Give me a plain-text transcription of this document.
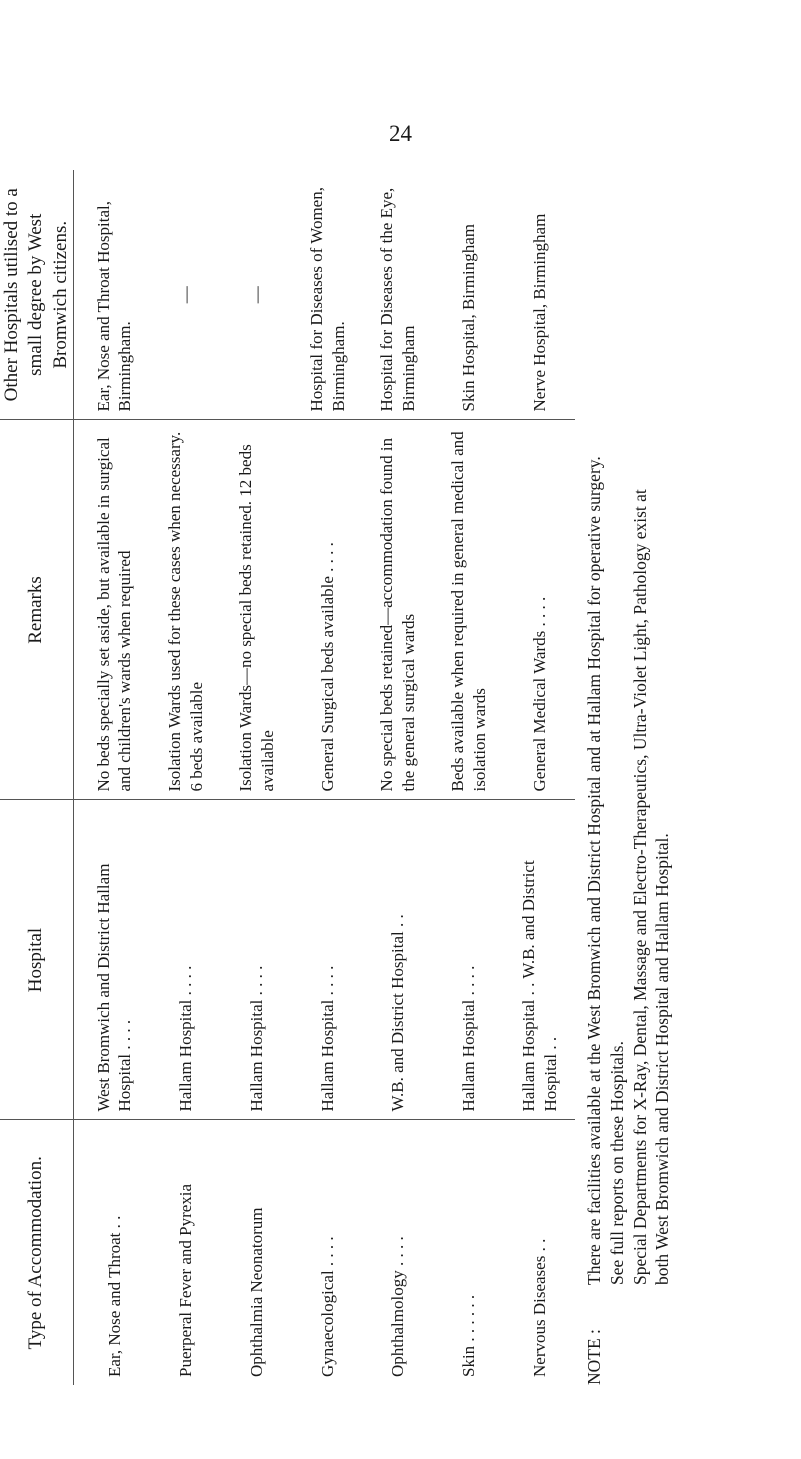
24
Type of Accommodation.	Hospital	Remarks	Other Hospitals utilised to a small degree by West Bromwich citizens.
Ear, Nose and Throat . .	West Bromwich and District Hallam Hospital . . . .	No beds specially set aside, but available in surgical and children's wards when required	Ear, Nose and Throat Hospital, Birmingham.
Puerperal Fever and Pyrexia	Hallam Hospital . . . .	Isolation Wards used for these cases when necessary. 6 beds available	—

Ophthalmia Neonatorum	Hallam Hospital . . . .	Isolation Wards—no special beds retained. 12 beds available	—

Gynaecological . . . .	Hallam Hospital . . . .	General Surgical beds available . . . .	Hospital for Diseases of Women, Birmingham.
Ophthalmology . . . .	W.B. and District Hospital . .	No special beds retained—accommodation found in the general surgical wards	Hospital for Diseases of the Eye, Birmingham
Skin . . . . . .	Hallam Hospital . . . .	Beds available when required in general medical and isolation wards	Skin Hospital, Birmingham
Nervous Diseases . .	Hallam Hospital . . W.B. and District Hospital . .	General Medical Wards . . . .	Nerve Hospital, Birmingham
NOTE :There are facilities available at the West Bromwich and District Hospital and at Hallam Hospital for operative surgery. See full reports on these Hospitals. Special Departments for X-Ray, Dental, Massage and Electro-Therapeutics, Ultra-Violet Light, Pathology exist at both West Bromwich and District Hospital and Hallam Hospital.
